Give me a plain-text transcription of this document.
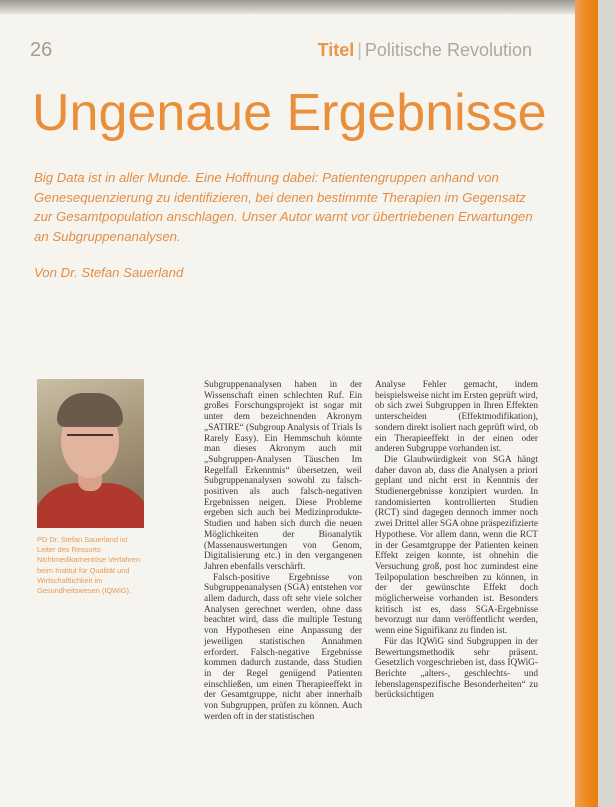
26	Titel | Politische Revolution
Ungenaue Ergebnisse

Big Data ist in aller Munde. Eine Hoffnung dabei: Patientengruppen anhand von Genesequenzierung zu identifizieren, bei denen bestimmte Therapien im Gegensatz zur Gesamtpopulation anschlagen. Unser Autor warnt vor übertriebenen Erwartungen an Subgruppenanalysen.

Von Dr. Stefan Sauerland

PD Dr. Stefan Sauerland ist Leiter des Ressorts Nichtmedikamentöse Verfahren beim Institut für Qualität und Wirtschaftlichkeit im Gesundheitswesen (IQWiG).

Subgruppenanalysen haben in der Wissenschaft einen schlechten Ruf. Ein großes Forschungsprojekt ist sogar mit unter dem bezeichnenden Akronym „SATIRE“ (Subgroup Analysis of Trials Is Rarely Easy). Ein Hemmschuh könnte man dieses Akronym auch mit „Subgruppen-Analysen Täuschen Im Regelfall Erkenntnis“ übersetzen, weil Subgruppenanalysen sowohl zu falsch-positiven als auch falsch-negativen Ergebnissen neigen. Diese Probleme ergeben sich auch bei Medizinprodukte-Studien und haben sich durch die neuen Möglichkeiten der Bioanalytik (Massenauswertungen von Genom, Digitalisierung etc.) in den vergangenen Jahren ebenfalls verschärft.

Falsch-positive Ergebnisse von Subgruppenanalysen (SGA) entstehen vor allem dadurch, dass oft sehr viele solcher Analysen gerechnet werden, ohne dass beachtet wird, dass die multiple Testung von Hypothesen eine Anpassung der jeweiligen statistischen Annahmen erfordert. Falsch-negative Ergebnisse kommen dadurch zustande, dass Studien in der Regel genügend Patienten einschließen, um einen Therapieeffekt in der Gesamtgruppe, nicht aber innerhalb von Subgruppen, prüfen zu können. Auch werden oft in der statistischen

Analyse Fehler gemacht, indem beispielsweise nicht im Ersten geprüft wird, ob sich zwei Subgruppen in Ihren Effekten unterscheiden (Effektmodifikation), sondern direkt isoliert nach geprüft wird, ob ein Therapieeffekt in der einen oder anderen Subgruppe vorhanden ist.

Die Glaubwürdigkeit von SGA hängt daher davon ab, dass die Analysen a priori geplant und nicht erst in Kenntnis der Studienergebnisse konzipiert wurden. In randomisierten kontrollierten Studien (RCT) sind dagegen dennoch immer noch zwei Drittel aller SGA ohne präspezifizierte Hypothese. Vor allem dann, wenn die RCT in der Gesamtgruppe der Patienten keinen Effekt zeigen konnte, ist ohnehin die Versuchung groß, post hoc zumindest eine Teilpopulation beschreiben zu können, in der der gewünschte Effekt doch möglicherweise vorhanden ist. Besonders kritisch ist es, dass SGA-Ergebnisse bevorzugt nur dann veröffentlicht werden, wenn eine Signifikanz zu finden ist.

Für das IQWiG sind Subgruppen in der Bewertungsmethodik sehr präsent. Gesetzlich vorgeschrieben ist, dass IQWiG-Berichte „alters-, geschlechts- und lebenslagenspezifische Besonderheiten“ zu berücksichtigen
